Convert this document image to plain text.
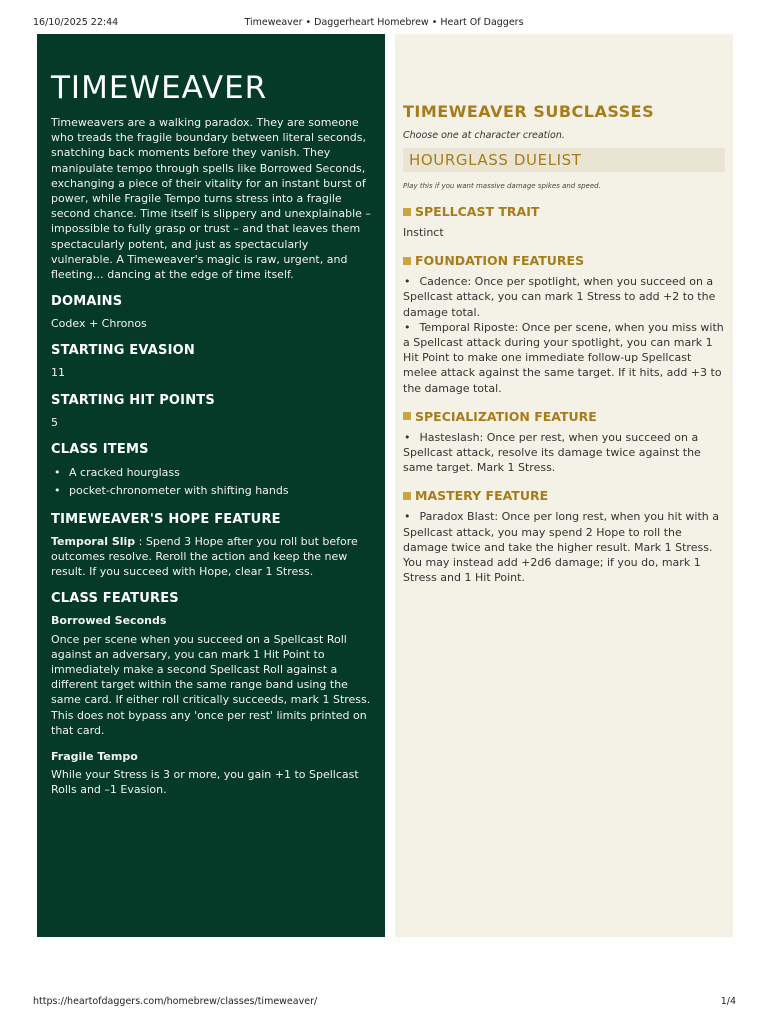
16/10/2025 22:44	Timeweaver • Daggerheart Homebrew • Heart Of Daggers
TIMEWEAVER

Timeweavers are a walking paradox. They are someone who treads the fragile boundary between literal seconds, snatching back moments before they vanish. They manipulate tempo through spells like Borrowed Seconds, exchanging a piece of their vitality for an instant burst of power, while Fragile Tempo turns stress into a fragile second chance. Time itself is slippery and unexplainable – impossible to fully grasp or trust – and that leaves them spectacularly potent, and just as spectacularly vulnerable. A Timeweaver's magic is raw, urgent, and fleeting… dancing at the edge of time itself.

DOMAINS

Codex + Chronos

STARTING EVASION

11

STARTING HIT POINTS

5

CLASS ITEMS
• A cracked hourglass
• pocket-chronometer with shifting hands
TIMEWEAVER'S HOPE FEATURE

Temporal Slip : Spend 3 Hope after you roll but before outcomes resolve. Reroll the action and keep the new result. If you succeed with Hope, clear 1 Stress.

CLASS FEATURES

Borrowed Seconds

Once per scene when you succeed on a Spellcast Roll against an adversary, you can mark 1 Hit Point to immediately make a second Spellcast Roll against a different target within the same range band using the same card. If either roll critically succeeds, mark 1 Stress. This does not bypass any 'once per rest' limits printed on that card.

Fragile Tempo

While your Stress is 3 or more, you gain +1 to Spellcast Rolls and –1 Evasion.

TIMEWEAVER SUBCLASSES

Choose one at character creation.

HOURGLASS DUELIST

Play this if you want massive damage spikes and speed.

SPELLCAST TRAIT

Instinct

FOUNDATION FEATURES

• Cadence: Once per spotlight, when you succeed on a Spellcast attack, you can mark 1 Stress to add +2 to the damage total.

• Temporal Riposte: Once per scene, when you miss with a Spellcast attack during your spotlight, you can mark 1 Hit Point to make one immediate follow-up Spellcast melee attack against the same target. If it hits, add +3 to the damage total.

SPECIALIZATION FEATURE

• Hasteslash: Once per rest, when you succeed on a Spellcast attack, resolve its damage twice against the same target. Mark 1 Stress.

MASTERY FEATURE

• Paradox Blast: Once per long rest, when you hit with a Spellcast attack, you may spend 2 Hope to roll the damage twice and take the higher result. Mark 1 Stress. You may instead add +2d6 damage; if you do, mark 1 Stress and 1 Hit Point.

https://heartofdaggers.com/homebrew/classes/timeweaver/	1/4
